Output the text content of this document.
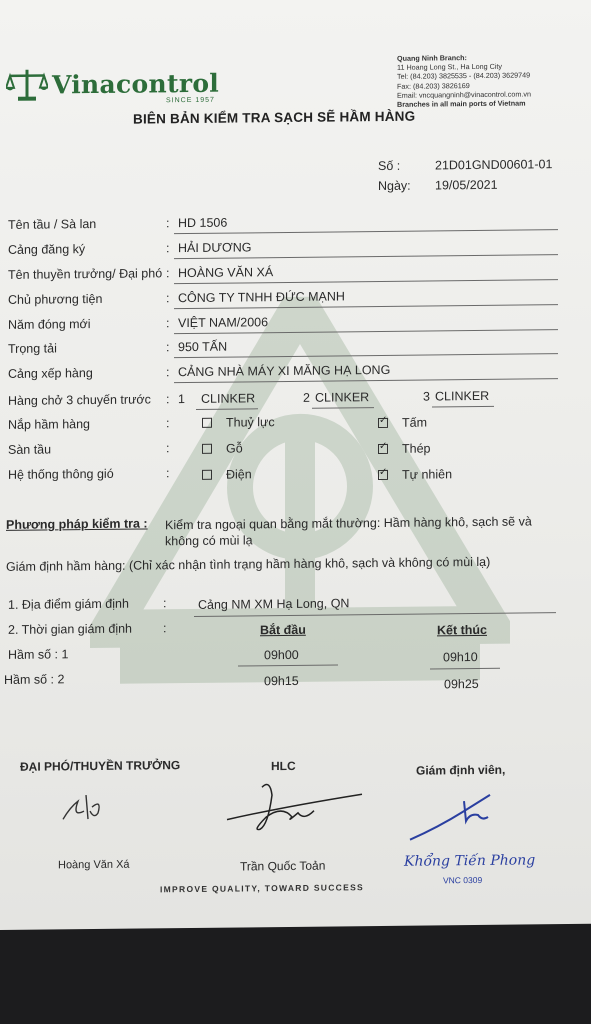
Vinacontrol
SINCE 1957
Quang Ninh Branch:
11 Hoang Long St., Ha Long City
Tel: (84.203) 3825535 - (84.203) 3629749
Fax: (84.203) 3826169
Email: vncquangninh@vinacontrol.com.vn
Branches in all main ports of Vietnam
BIÊN BẢN KIỂM TRA SẠCH SẼ HẦM HÀNG
Số :	21D01GND00601-01
Ngày: 19/05/2021
Tên tầu / Sà lan	: HD 1506
Cảng đăng ký	: HẢI DƯƠNG
Tên thuyền trưởng/ Đại phó : HOÀNG VĂN XÁ
Chủ phương tiện	: CÔNG TY TNHH ĐỨC MẠNH
Năm đóng mới	: VIỆT NAM/2006
Trọng tải	: 950 TẤN
Cảng xếp hàng	: CẢNG NHÀ MÁY XI MĂNG HẠ LONG
Hàng chở 3 chuyến trước : 1 CLINKER	2 CLINKER	3 CLINKER
Nắp hầm hàng	:	Thuỷ lực ✓	Tấm
Sàn tầu	:	Gỗ ✓	Thép
Hệ thống thông gió	:	Điện ✓	Tự nhiên
Phương pháp kiểm tra : Kiểm tra ngoại quan bằng mắt thường: Hầm hàng khô, sạch sẽ và
không có mùi lạ
Giám định hầm hàng: (Chỉ xác nhận tình trạng hầm hàng khô, sạch và không có mùi lạ)
1. Địa điểm giám định	:	Cảng NM XM Hạ Long, QN
2. Thời gian giám định :	Bắt đầu	Kết thúc
Hầm số : 1	09h00	09h10
Hầm số : 2	09h15	09h25
ĐẠI PHÓ/THUYỀN TRƯỞNG	HLC	Giám định viên,
Hoàng Văn Xá	Trần Quốc Toản	Khổng Tiến Phong
VNC 0309
IMPROVE QUALITY, TOWARD SUCCESS
